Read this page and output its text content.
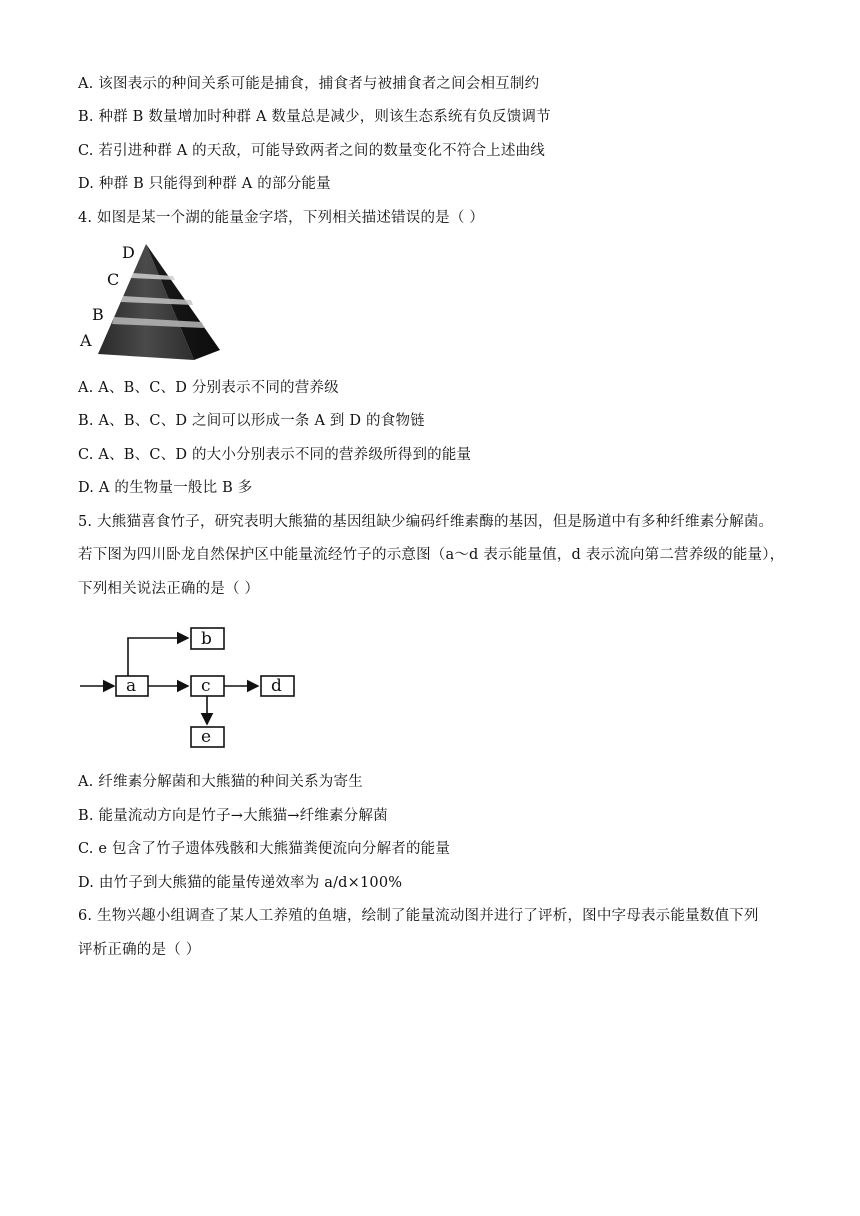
A. 该图表示的种间关系可能是捕食，捕食者与被捕食者之间会相互制约
B. 种群 B 数量增加时种群 A 数量总是减少，则该生态系统有负反馈调节
C. 若引进种群 A 的天敌，可能导致两者之间的数量变化不符合上述曲线
D. 种群 B 只能得到种群 A 的部分能量
4. 如图是某一个湖的能量金字塔，下列相关描述错误的是（ ）
A
B
C
D
A. A、B、C、D 分别表示不同的营养级
B. A、B、C、D 之间可以形成一条 A 到 D 的食物链
C. A、B、C、D 的大小分别表示不同的营养级所得到的能量
D. A 的生物量一般比 B 多
5. 大熊猫喜食竹子，研究表明大熊猫的基因组缺少编码纤维素酶的基因，但是肠道中有多种纤维素分解菌。
若下图为四川卧龙自然保护区中能量流经竹子的示意图（a～d 表示能量值，d 表示流向第二营养级的能量），
下列相关说法正确的是（ ）
a
b
c	d
e
A. 纤维素分解菌和大熊猫的种间关系为寄生
B. 能量流动方向是竹子→大熊猫→纤维素分解菌
C. e 包含了竹子遗体残骸和大熊猫粪便流向分解者的能量
D. 由竹子到大熊猫的能量传递效率为 a/d×100%
6. 生物兴趣小组调查了某人工养殖的鱼塘，绘制了能量流动图并进行了评析，图中字母表示能量数值下列
评析正确的是（ ）
